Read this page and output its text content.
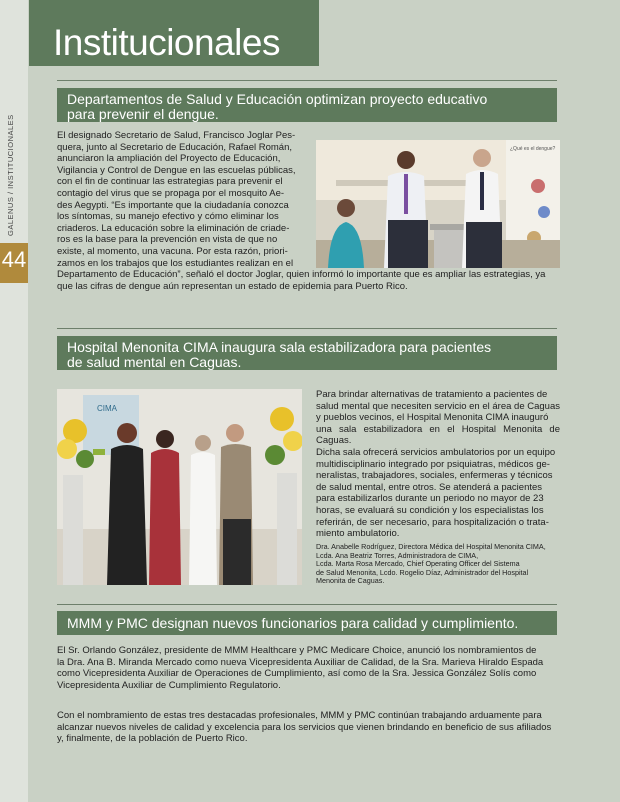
44
GALENUS / INSTITUCIONALES
Institucionales
Departamentos de Salud y Educación optimizan proyecto educativo
para prevenir el dengue.
El designado Secretario de Salud, Francisco Joglar Pes-
quera, junto al Secretario de Educación, Rafael Román,
anunciaron la ampliación del Proyecto de Educación,
Vigilancia y Control de Dengue en las escuelas públicas,
con el fin de continuar las estrategias para prevenir el
contagio del virus que se propaga por el mosquito Ae-
des Aegypti. “Es importante que la ciudadanía conozca
los síntomas, su manejo efectivo y cómo eliminar los
criaderos. La educación sobre la eliminación de criade-
ros es la base para la prevención en vista de que no
existe, al momento, una vacuna. Por esta razón, priori-
zamos en los trabajos que los estudiantes realizan en el
Departamento de Educación”, señaló el doctor Joglar, quien informó lo importante que es ampliar las estrategias, ya
que las cifras de dengue aún representan un estado de epidemia para Puerto Rico.
¿Qué es el dengue?
Hospital Menonita CIMA inaugura sala estabilizadora para pacientes
de salud mental en Caguas.
CIMA
Para brindar alternativas de tratamiento a pacientes de
salud mental que necesiten servicio en el área de Caguas
y pueblos vecinos, el Hospital Menonita CIMA inauguró
una sala estabilizadora en el Hospital Menonita de Caguas.
Dicha sala ofrecerá servicios ambulatorios por un equipo
multidisciplinario integrado por psiquiatras, médicos ge-
neralistas, trabajadores, sociales, enfermeras y técnicos
de salud mental, entre otros. Se atenderá a pacientes
para estabilizarlos durante un periodo no mayor de 23
horas, se evaluará su condición y los especialistas los
referirán, de ser necesario, para hospitalización o trata-
miento ambulatorio.
Dra. Anabelle Rodríguez, Directora Médica del Hospital Menonita CIMA,
Lcda. Ana Beatriz Torres, Administradora de CIMA,
Lcda. Marta Rosa Mercado, Chief Operating Officer del Sistema
de Salud Menonita, Lcdo. Rogelio Díaz, Administrador del Hospital
Menonita de Caguas.
MMM y PMC designan nuevos funcionarios para calidad y cumplimiento.
El Sr. Orlando González, presidente de MMM Healthcare y PMC Medicare Choice, anunció los nombramientos de
la Dra. Ana B. Miranda Mercado como nueva Vicepresidenta Auxiliar de Calidad, de la Sra. Marieva Hiraldo Espada
como Vicepresidenta Auxiliar de Operaciones de Cumplimiento, así como de la Sra. Jessica González Solís como
Vicepresidenta Auxiliar de Cumplimiento Regulatorio.
Con el nombramiento de estas tres destacadas profesionales, MMM y PMC continúan trabajando arduamente para
alcanzar nuevos niveles de calidad y excelencia para los servicios que vienen brindando en beneficio de sus afiliados
y, finalmente, de la población de Puerto Rico.
